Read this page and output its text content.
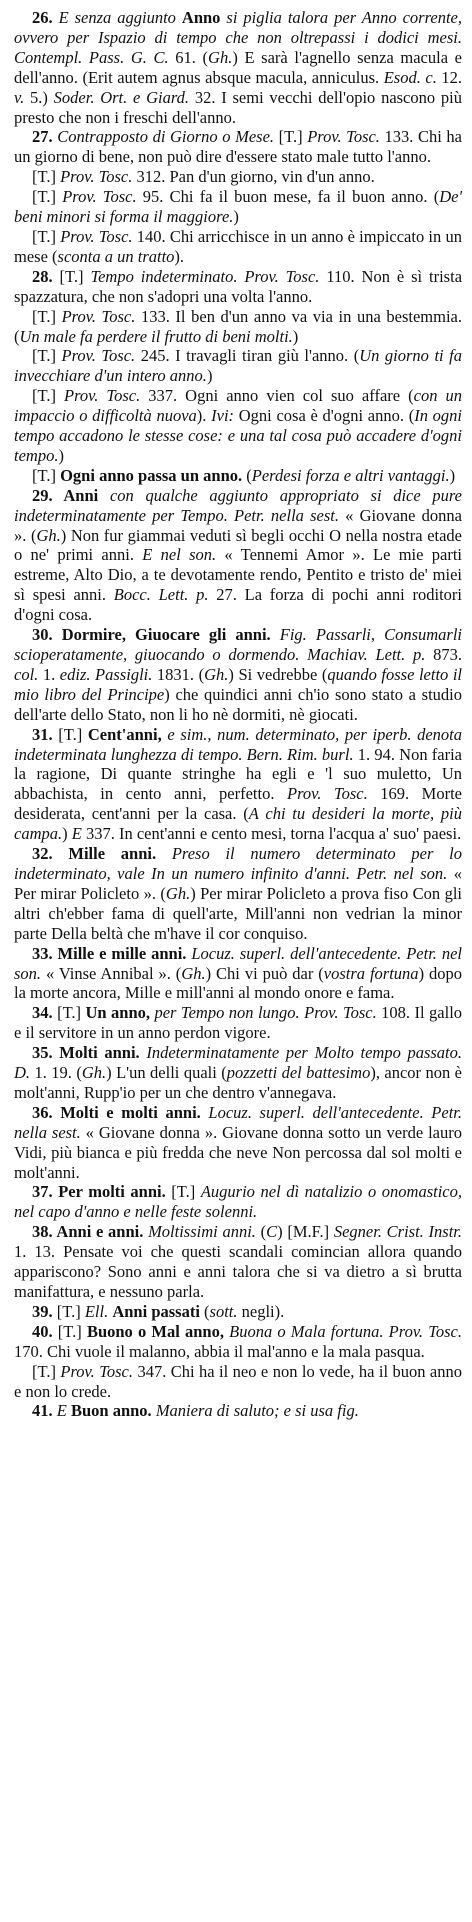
26. E senza aggiunto Anno si piglia talora per Anno corrente, ovvero per Ispazio di tempo che non oltrepassi i dodici mesi. Contempl. Pass. G. C. 61. (Gh.) E sarà l'agnello senza macula e dell'anno. (Erit autem agnus absque macula, anniculus. Esod. c. 12. v. 5.) Soder. Ort. e Giard. 32. I semi vecchi dell'opio nascono più presto che non i freschi dell'anno.

27. Contrapposto di Giorno o Mese. [T.] Prov. Tosc. 133. Chi ha un giorno di bene, non può dire d'essere stato male tutto l'anno.

[T.] Prov. Tosc. 312. Pan d'un giorno, vin d'un anno.

[T.] Prov. Tosc. 95. Chi fa il buon mese, fa il buon anno. (De' beni minori si forma il maggiore.)

[T.] Prov. Tosc. 140. Chi arricchisce in un anno è impiccato in un mese (sconta a un tratto).

28. [T.] Tempo indeterminato. Prov. Tosc. 110. Non è sì trista spazzatura, che non s'adopri una volta l'anno.

[T.] Prov. Tosc. 133. Il ben d'un anno va via in una bestemmia. (Un male fa perdere il frutto di beni molti.)

[T.] Prov. Tosc. 245. I travagli tiran giù l'anno. (Un giorno ti fa invecchiare d'un intero anno.)

[T.] Prov. Tosc. 337. Ogni anno vien col suo affare (con un impaccio o difficoltà nuova). Ivi: Ogni cosa è d'ogni anno. (In ogni tempo accadono le stesse cose: e una tal cosa può accadere d'ogni tempo.)

[T.] Ogni anno passa un anno. (Perdesi forza e altri vantaggi.)

29. Anni con qualche aggiunto appropriato si dice pure indeterminatamente per Tempo. Petr. nella sest. « Giovane donna ». (Gh.) Non fur giammai veduti sì begli occhi O nella nostra etade o ne' primi anni. E nel son. « Tennemi Amor ». Le mie parti estreme, Alto Dio, a te devotamente rendo, Pentito e tristo de' miei sì spesi anni. Bocc. Lett. p. 27. La forza di pochi anni roditori d'ogni cosa.

30. Dormire, Giuocare gli anni. Fig. Passarli, Consumarli scioperatamente, giuocando o dormendo. Machiav. Lett. p. 873. col. 1. ediz. Passigli. 1831. (Gh.) Si vedrebbe (quando fosse letto il mio libro del Principe) che quindici anni ch'io sono stato a studio dell'arte dello Stato, non li ho nè dormiti, nè giocati.

31. [T.] Cent'anni, e sim., num. determinato, per iperb. denota indeterminata lunghezza di tempo. Bern. Rim. burl. 1. 94. Non faria la ragione, Di quante stringhe ha egli e 'l suo muletto, Un abbachista, in cento anni, perfetto. Prov. Tosc. 169. Morte desiderata, cent'anni per la casa. (A chi tu desideri la morte, più campa.) E 337. In cent'anni e cento mesi, torna l'acqua a' suo' paesi.

32. Mille anni. Preso il numero determinato per lo indeterminato, vale In un numero infinito d'anni. Petr. nel son. « Per mirar Policleto ». (Gh.) Per mirar Policleto a prova fiso Con gli altri ch'ebber fama di quell'arte, Mill'anni non vedrian la minor parte Della beltà che m'have il cor conquiso.

33. Mille e mille anni. Locuz. superl. dell'antecedente. Petr. nel son. « Vinse Annibal ». (Gh.) Chi vi può dar (vostra fortuna) dopo la morte ancora, Mille e mill'anni al mondo onore e fama.

34. [T.] Un anno, per Tempo non lungo. Prov. Tosc. 108. Il gallo e il servitore in un anno perdon vigore.

35. Molti anni. Indeterminatamente per Molto tempo passato. D. 1. 19. (Gh.) L'un delli quali (pozzetti del battesimo), ancor non è molt'anni, Rupp'io per un che dentro v'annegava.

36. Molti e molti anni. Locuz. superl. dell'antecedente. Petr. nella sest. « Giovane donna ». Giovane donna sotto un verde lauro Vidi, più bianca e più fredda che neve Non percossa dal sol molti e molt'anni.

37. Per molti anni. [T.] Augurio nel dì natalizio o onomastico, nel capo d'anno e nelle feste solenni.

38. Anni e anni. Moltissimi anni. (C) [M.F.] Segner. Crist. Instr. 1. 13. Pensate voi che questi scandali comincian allora quando appariscono? Sono anni e anni talora che si va dietro a sì brutta manifattura, e nessuno parla.

39. [T.] Ell. Anni passati (sott. negli).

40. [T.] Buono o Mal anno, Buona o Mala fortuna. Prov. Tosc. 170. Chi vuole il malanno, abbia il mal'anno e la mala pasqua.

[T.] Prov. Tosc. 347. Chi ha il neo e non lo vede, ha il buon anno e non lo crede.

41. E Buon anno. Maniera di saluto; e si usa fig.
